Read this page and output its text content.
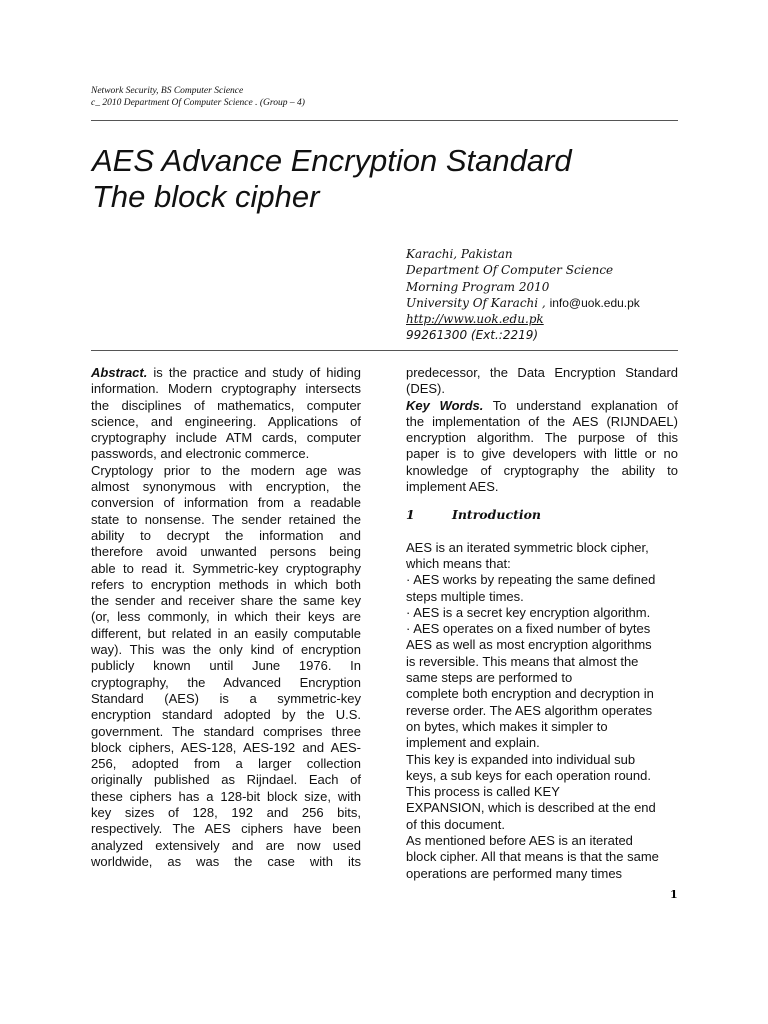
Network Security, BS Computer Science
c_ 2010 Department Of Computer Science . (Group – 4)
AES Advance Encryption Standard
The block cipher
Karachi, Pakistan
Department Of Computer Science
Morning Program 2010
University Of Karachi , info@uok.edu.pk
http://www.uok.edu.pk
99261300 (Ext.:2219)
Abstract. is the practice and study of hiding
information. Modern cryptography intersects
the disciplines of mathematics, computer
science, and engineering. Applications of
cryptography include ATM cards, computer
passwords, and electronic commerce.
Cryptology prior to the modern age was
almost synonymous with encryption, the
conversion of information from a readable
state to nonsense. The sender retained the
ability to decrypt the information and
therefore avoid unwanted persons being
able to read it. Symmetric-key cryptography
refers to encryption methods in which both
the sender and receiver share the same key
(or, less commonly, in which their keys are
different, but related in an easily computable
way). This was the only kind of encryption
publicly known until June 1976. In
cryptography, the Advanced Encryption
Standard (AES) is a symmetric-key
encryption standard adopted by the U.S.
government. The standard comprises three
block ciphers, AES-128, AES-192 and AES-
256, adopted from a larger collection
originally published as Rijndael. Each of
these ciphers has a 128-bit block size, with
key sizes of 128, 192 and 256 bits,
respectively. The AES ciphers have been
analyzed extensively and are now used
worldwide, as was the case with its
predecessor, the Data Encryption Standard
(DES).
Key Words. To understand explanation of
the implementation of the AES (RIJNDAEL)
encryption algorithm. The purpose of this
paper is to give developers with little or no
knowledge of cryptography the ability to
implement AES.
1	Introduction
AES is an iterated symmetric block cipher,
which means that:
· AES works by repeating the same defined
steps multiple times.
· AES is a secret key encryption algorithm.
· AES operates on a fixed number of bytes
AES as well as most encryption algorithms
is reversible. This means that almost the
same steps are performed to
complete both encryption and decryption in
reverse order. The AES algorithm operates
on bytes, which makes it simpler to
implement and explain.
This key is expanded into individual sub
keys, a sub keys for each operation round.
This process is called KEY
EXPANSION, which is described at the end
of this document.
As mentioned before AES is an iterated
block cipher. All that means is that the same
operations are performed many times
1
